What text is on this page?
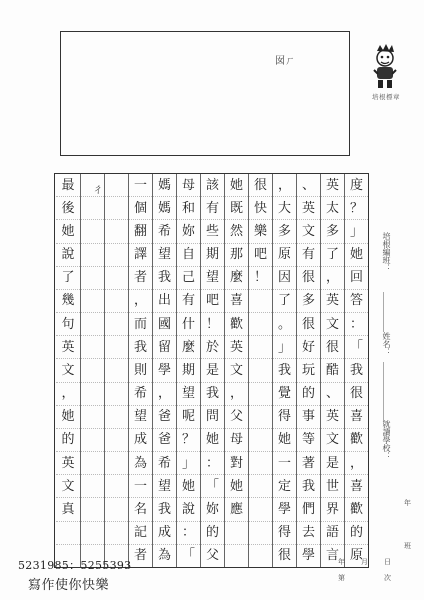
囡ㄏ
培根標章
度
？
」
她
回
答
：
「
我
很
喜
歡
，
喜
歡
的
原
英
太
多
了
，
英
文
很
酷
、
英
文
是
世
界
語
言
、
英
文
有
很
多
很
好
玩
的
事
等
著
我
們
去
學
，
大
多
原
因
了
。
」
我
覺
得
她
一
定
學
得
很
很
快
樂
吧
！
她
既
然
那
麼
喜
歡
英
文
，
父
母
對
她
應
該
有
些
期
望
吧
！
於
是
我
問
她
：
「
妳
的
父
母
和
妳
自
己
有
什
麼
期
望
呢
？
」
她
說
：
「
媽
媽
希
望
我
出
國
留
學
，
爸
爸
希
望
我
成
為
一
個
翻
譯
者
，
而
我
則
希
望
成
為
一
名
記
者
最
後
她
說
了
幾
句
英
文
，
她
的
英
文
真
ㄔ
培根編班：
姓名：
就讀學校：
年
班
年 月 日
第	次
5231985：5255393
寫作使你快樂
